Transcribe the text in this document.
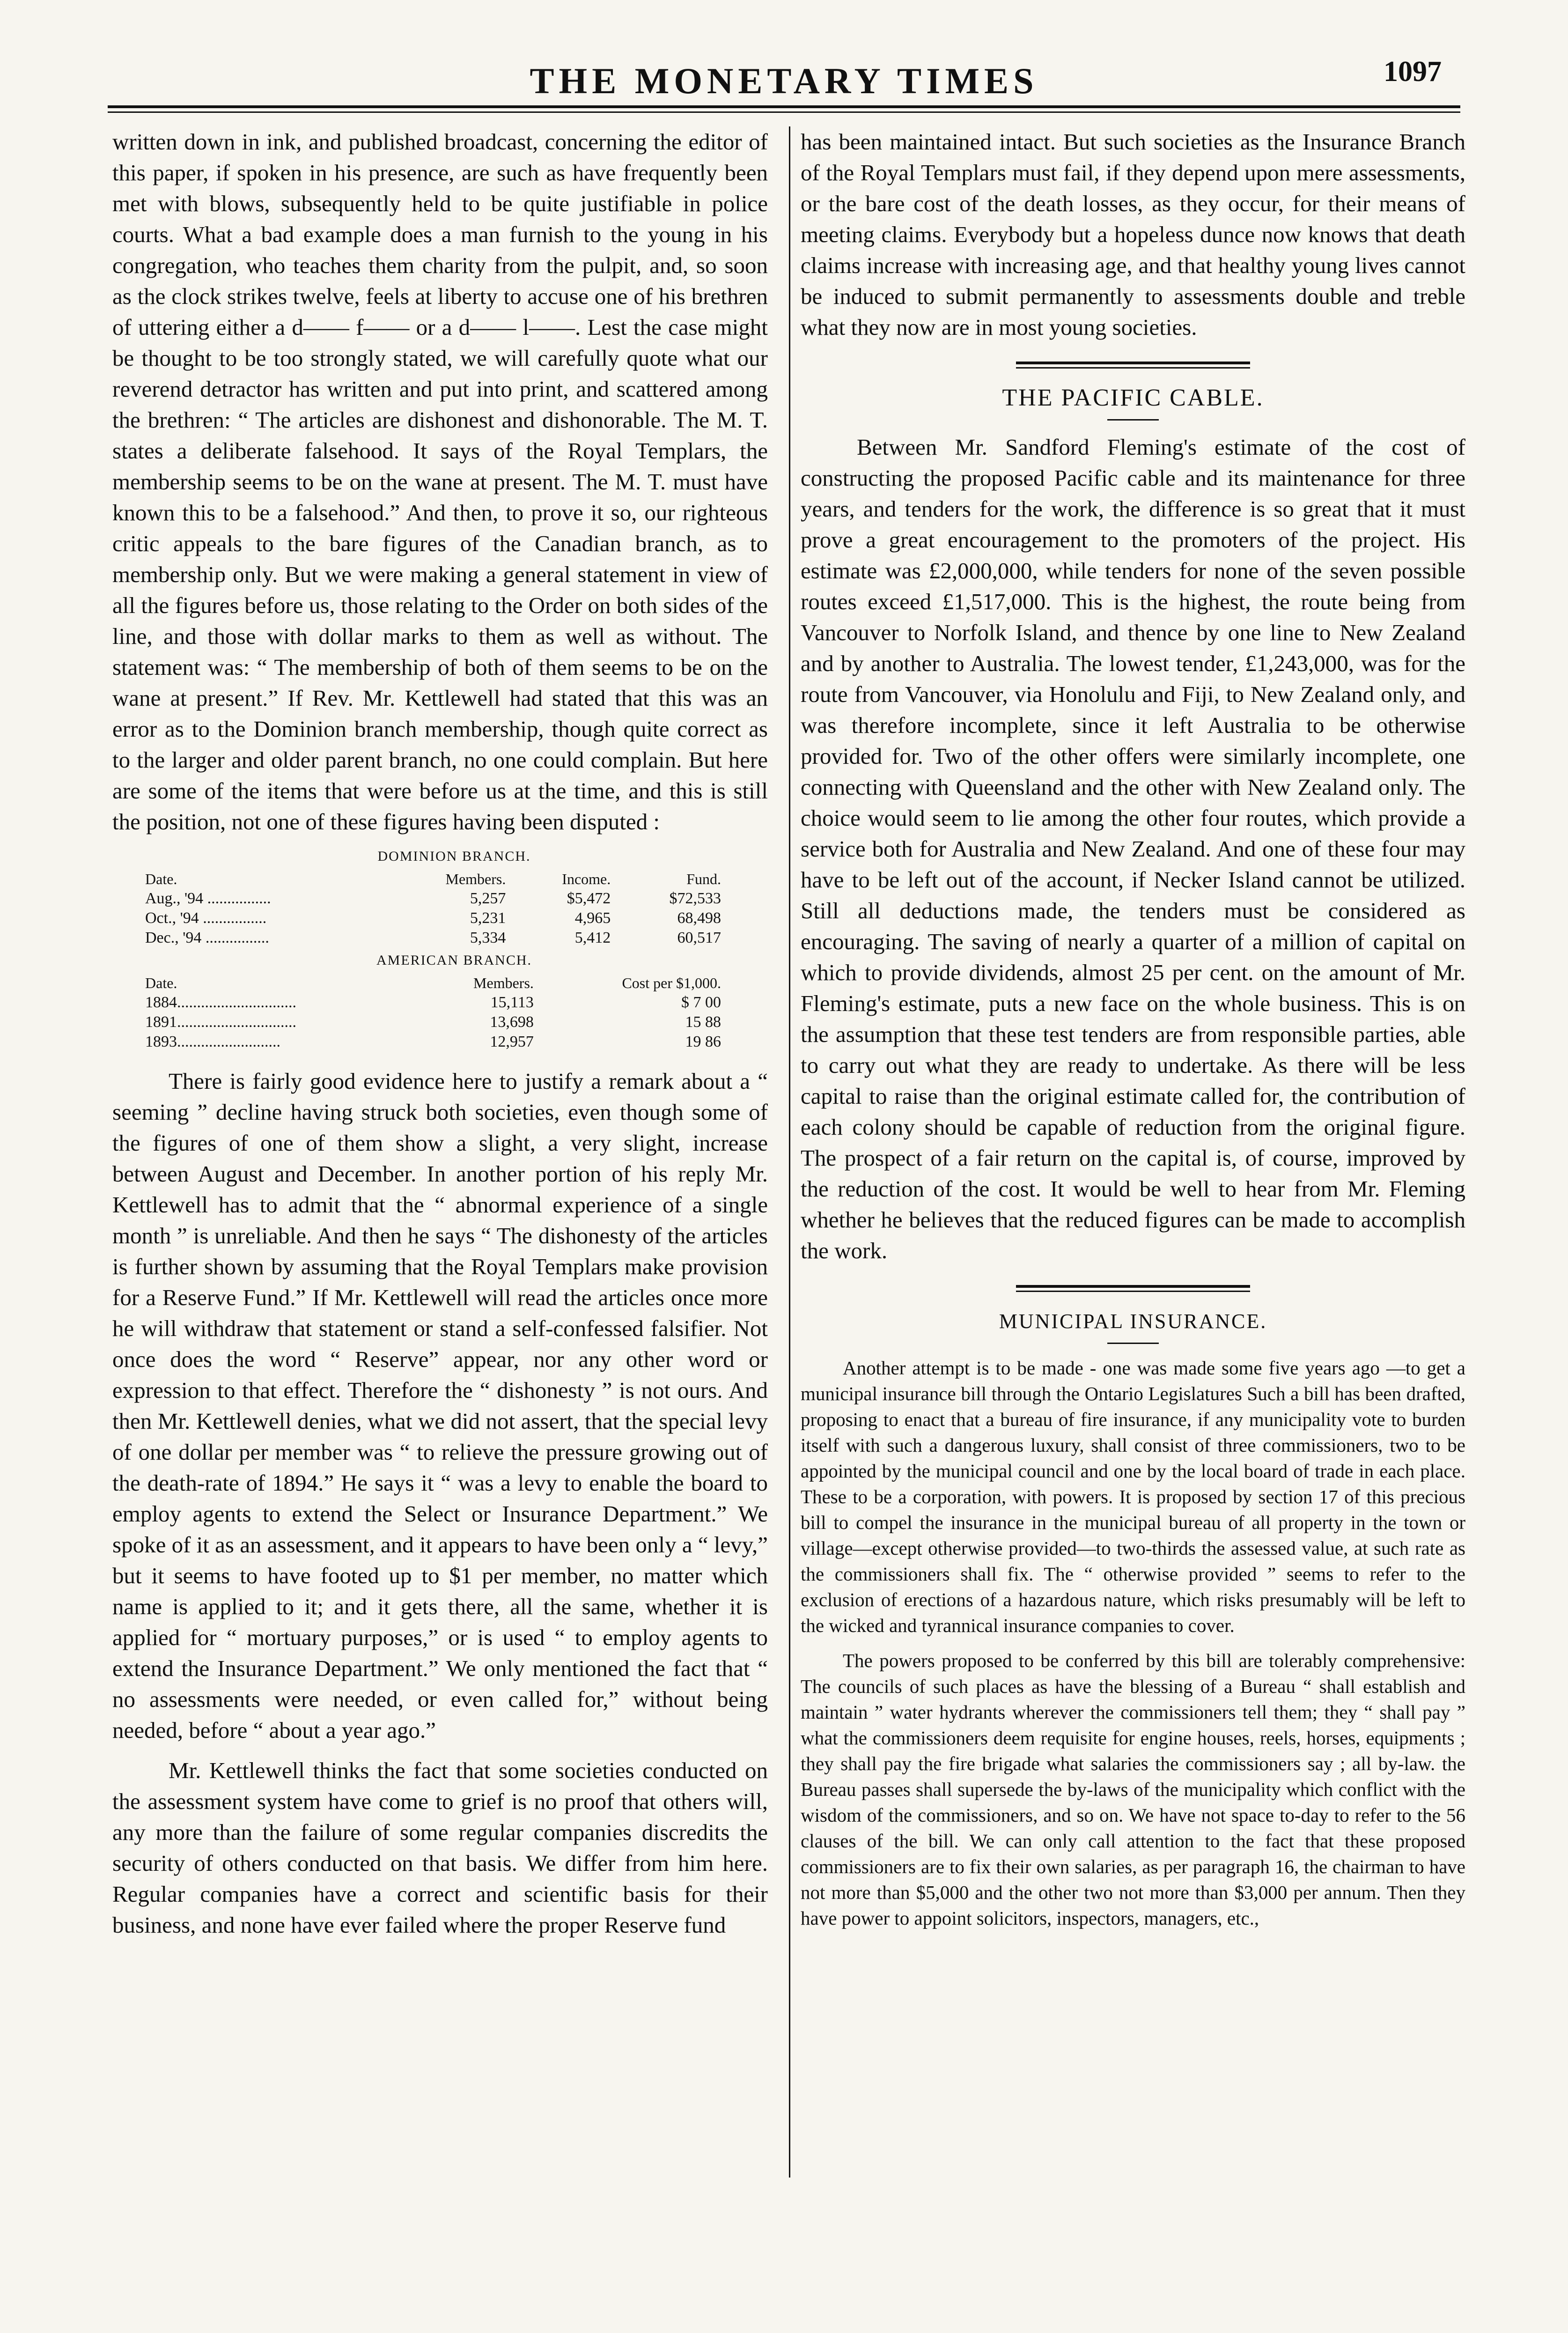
THE MONETARY TIMES	1097

written down in ink, and published broadcast, concerning the editor of this paper, if spoken in his presence, are such as have frequently been met with blows, subsequently held to be quite justifiable in police courts. What a bad example does a man furnish to the young in his congregation, who teaches them charity from the pulpit, and, so soon as the clock strikes twelve, feels at liberty to accuse one of his brethren of uttering either a d—— f—— or a d—— l——. Lest the case might be thought to be too strongly stated, we will carefully quote what our reverend detractor has written and put into print, and scattered among the brethren: “ The articles are dishonest and dishonorable. The M. T. states a deliberate falsehood. It says of the Royal Templars, the membership seems to be on the wane at present. The M. T. must have known this to be a falsehood.” And then, to prove it so, our righteous critic appeals to the bare figures of the Canadian branch, as to membership only. But we were making a general statement in view of all the figures before us, those relating to the Order on both sides of the line, and those with dollar marks to them as well as without. The statement was: “ The membership of both of them seems to be on the wane at present.” If Rev. Mr. Kettlewell had stated that this was an error as to the Dominion branch membership, though quite correct as to the larger and older parent branch, no one could complain. But here are some of the items that were before us at the time, and this is still the position, not one of these figures having been disputed :

DOMINION BRANCH.
Date.	Members.	Income.	Fund.
Aug., '94 ................	5,257	$5,472	$72,533
Oct., '94 ................	5,231	4,965	68,498
Dec., '94 ................	5,334	5,412	60,517
AMERICAN BRANCH.
Date.	Members.	Cost per $1,000.
1884..............................	15,113	$ 7 00
1891..............................	13,698	15 88
1893..........................	12,957	19 86

There is fairly good evidence here to justify a remark about a “ seeming ” decline having struck both societies, even though some of the figures of one of them show a slight, a very slight, increase between August and December. In another portion of his reply Mr. Kettlewell has to admit that the “ abnormal experience of a single month ” is unreliable. And then he says “ The dishonesty of the articles is further shown by assuming that the Royal Templars make provision for a Reserve Fund.” If Mr. Kettlewell will read the articles once more he will withdraw that statement or stand a self-confessed falsifier. Not once does the word “ Reserve” appear, nor any other word or expression to that effect. Therefore the “ dishonesty ” is not ours. And then Mr. Kettlewell denies, what we did not assert, that the special levy of one dollar per member was “ to relieve the pressure growing out of the death-rate of 1894.” He says it “ was a levy to enable the board to employ agents to extend the Select or Insurance Department.” We spoke of it as an assessment, and it appears to have been only a “ levy,” but it seems to have footed up to $1 per member, no matter which name is applied to it; and it gets there, all the same, whether it is applied for “ mortuary purposes,” or is used “ to employ agents to extend the Insurance Department.” We only mentioned the fact that “ no assessments were needed, or even called for,” without being needed, before “ about a year ago.”

Mr. Kettlewell thinks the fact that some societies conducted on the assessment system have come to grief is no proof that others will, any more than the failure of some regular companies discredits the security of others conducted on that basis. We differ from him here. Regular companies have a correct and scientific basis for their business, and none have ever failed where the proper Reserve fund

has been maintained intact. But such societies as the Insurance Branch of the Royal Templars must fail, if they depend upon mere assessments, or the bare cost of the death losses, as they occur, for their means of meeting claims. Everybody but a hopeless dunce now knows that death claims increase with increasing age, and that healthy young lives cannot be induced to submit permanently to assessments double and treble what they now are in most young societies.

THE PACIFIC CABLE.

Between Mr. Sandford Fleming's estimate of the cost of constructing the proposed Pacific cable and its maintenance for three years, and tenders for the work, the difference is so great that it must prove a great encouragement to the promoters of the project. His estimate was £2,000,000, while tenders for none of the seven possible routes exceed £1,517,000. This is the highest, the route being from Vancouver to Norfolk Island, and thence by one line to New Zealand and by another to Australia. The lowest tender, £1,243,000, was for the route from Vancouver, via Honolulu and Fiji, to New Zealand only, and was therefore incomplete, since it left Australia to be otherwise provided for. Two of the other offers were similarly incomplete, one connecting with Queensland and the other with New Zealand only. The choice would seem to lie among the other four routes, which provide a service both for Australia and New Zealand. And one of these four may have to be left out of the account, if Necker Island cannot be utilized. Still all deductions made, the tenders must be considered as encouraging. The saving of nearly a quarter of a million of capital on which to provide dividends, almost 25 per cent. on the amount of Mr. Fleming's estimate, puts a new face on the whole business. This is on the assumption that these test tenders are from responsible parties, able to carry out what they are ready to undertake. As there will be less capital to raise than the original estimate called for, the contribution of each colony should be capable of reduction from the original figure. The prospect of a fair return on the capital is, of course, improved by the reduction of the cost. It would be well to hear from Mr. Fleming whether he believes that the reduced figures can be made to accomplish the work.

MUNICIPAL INSURANCE.

Another attempt is to be made - one was made some five years ago —to get a municipal insurance bill through the Ontario Legislatures Such a bill has been drafted, proposing to enact that a bureau of fire insurance, if any municipality vote to burden itself with such a dangerous luxury, shall consist of three commissioners, two to be appointed by the municipal council and one by the local board of trade in each place. These to be a corporation, with powers. It is proposed by section 17 of this precious bill to compel the insurance in the municipal bureau of all property in the town or village—except otherwise provided—to two-thirds the assessed value, at such rate as the commissioners shall fix. The “ otherwise provided ” seems to refer to the exclusion of erections of a hazardous nature, which risks presumably will be left to the wicked and tyrannical insurance companies to cover.

The powers proposed to be conferred by this bill are tolerably comprehensive: The councils of such places as have the blessing of a Bureau “ shall establish and maintain ” water hydrants wherever the commissioners tell them; they “ shall pay ” what the commissioners deem requisite for engine houses, reels, horses, equipments ; they shall pay the fire brigade what salaries the commissioners say ; all by-law. the Bureau passes shall supersede the by-laws of the municipality which conflict with the wisdom of the commissioners, and so on. We have not space to-day to refer to the 56 clauses of the bill. We can only call attention to the fact that these proposed commissioners are to fix their own salaries, as per paragraph 16, the chairman to have not more than $5,000 and the other two not more than $3,000 per annum. Then they have power to appoint solicitors, inspectors, managers, etc.,
